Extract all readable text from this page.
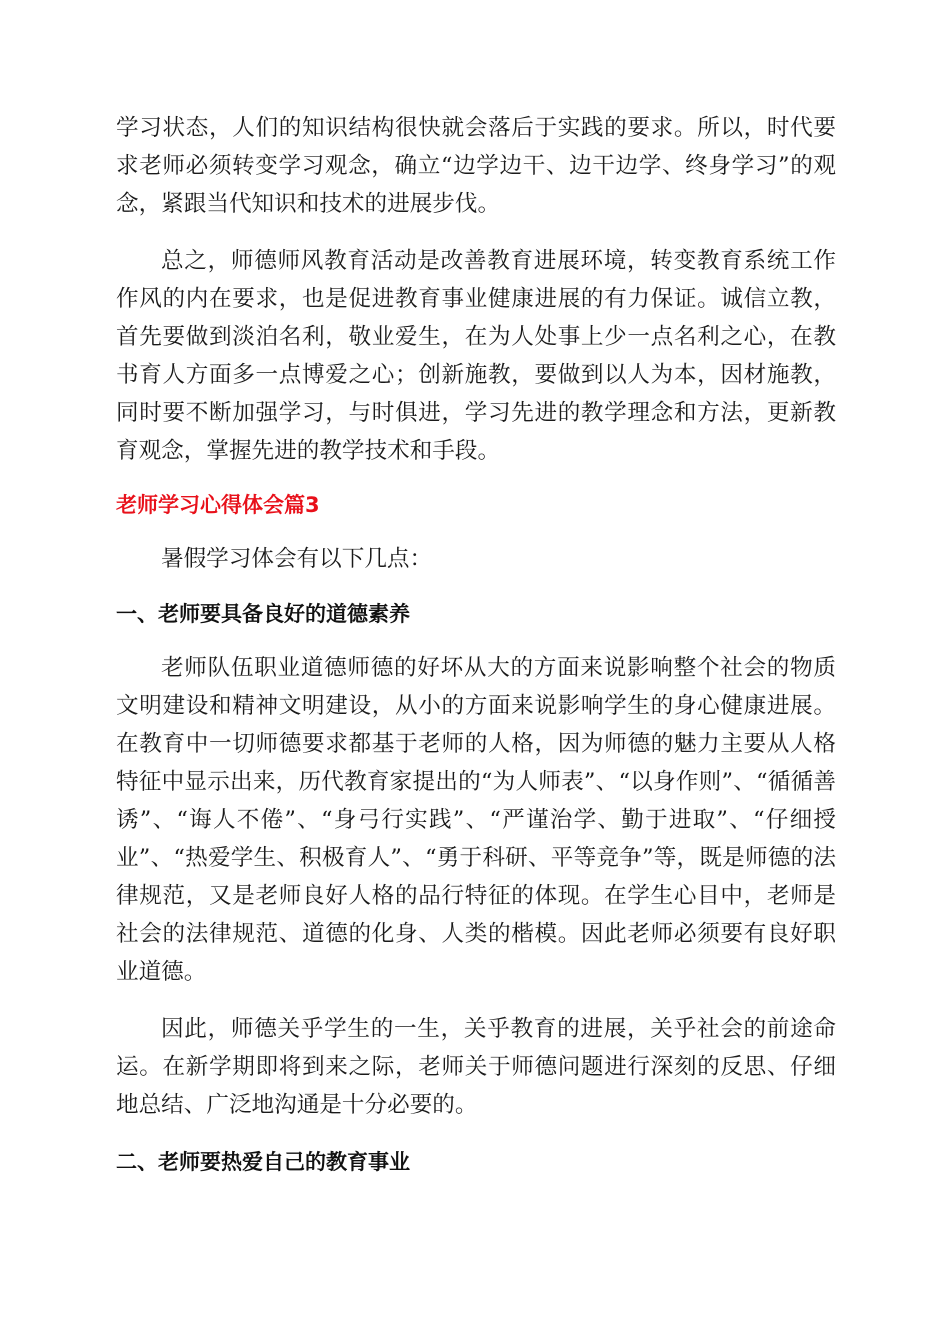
学习状态，人们的知识结构很快就会落后于实践的要求。所以，时代要求老师必须转变学习观念，确立“边学边干、边干边学、终身学习”的观念，紧跟当代知识和技术的进展步伐。

总之，师德师风教育活动是改善教育进展环境，转变教育系统工作作风的内在要求，也是促进教育事业健康进展的有力保证。诚信立教，首先要做到淡泊名利，敬业爱生，在为人处事上少一点名利之心，在教书育人方面多一点博爱之心；创新施教，要做到以人为本，因材施教，同时要不断加强学习，与时俱进，学习先进的教学理念和方法，更新教育观念，掌握先进的教学技术和手段。

老师学习心得体会篇3

暑假学习体会有以下几点：

一、老师要具备良好的道德素养

老师队伍职业道德师德的好坏从大的方面来说影响整个社会的物质文明建设和精神文明建设，从小的方面来说影响学生的身心健康进展。在教育中一切师德要求都基于老师的人格，因为师德的魅力主要从人格特征中显示出来，历代教育家提出的“为人师表”、“以身作则”、“循循善诱”、“诲人不倦”、“身弓行实践”、“严谨治学、勤于进取”、“仔细授业”、“热爱学生、积极育人”、“勇于科研、平等竞争”等，既是师德的法律规范，又是老师良好人格的品行特征的体现。在学生心目中，老师是社会的法律规范、道德的化身、人类的楷模。因此老师必须要有良好职业道德。

因此，师德关乎学生的一生，关乎教育的进展，关乎社会的前途命运。在新学期即将到来之际，老师关于师德问题进行深刻的反思、仔细地总结、广泛地沟通是十分必要的。

二、老师要热爱自己的教育事业
